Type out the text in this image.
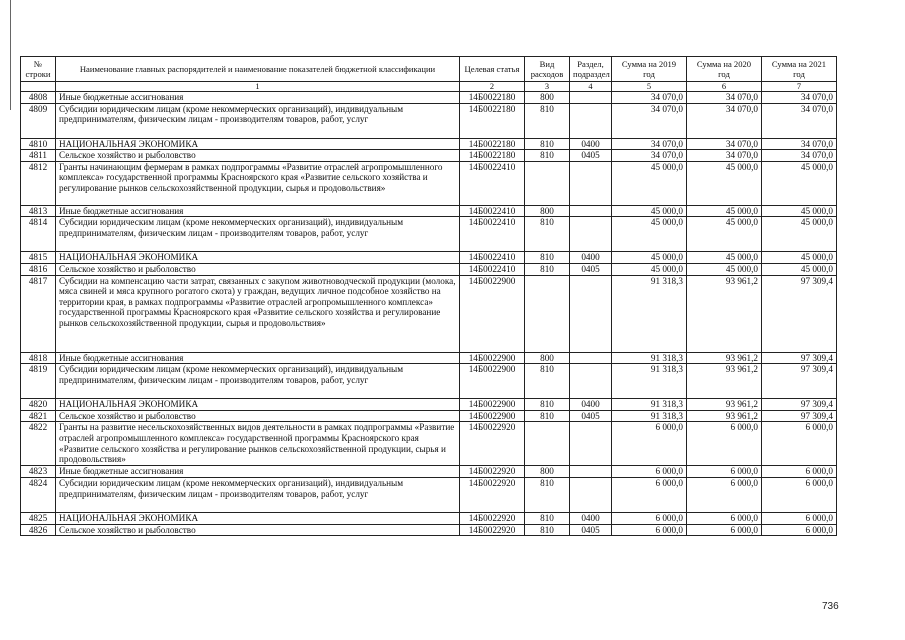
№ строки	Наименование главных распорядителей и наименование показателей бюджетной классификации	Целевая статья	Вид расходов	Раздел, подраздел	Сумма на 2019 год	Сумма на 2020 год	Сумма на 2021 год
	1	2	3	4	5	6	7
4808	Иные бюджетные ассигнования	14Б0022180	800		34 070,0	34 070,0	34 070,0
4809	Субсидии юридическим лицам (кроме некоммерческих организаций), индивидуальным предпринимателям, физическим лицам - производителям товаров, работ, услуг	14Б0022180	810		34 070,0	34 070,0	34 070,0
4810	НАЦИОНАЛЬНАЯ ЭКОНОМИКА	14Б0022180	810	0400	34 070,0	34 070,0	34 070,0
4811	Сельское хозяйство и рыболовство	14Б0022180	810	0405	34 070,0	34 070,0	34 070,0
4812	Гранты начинающим фермерам в рамках подпрограммы «Развитие отраслей агропромышленного комплекса» государственной программы Красноярского края «Развитие сельского хозяйства и регулирование рынков сельскохозяйственной продукции, сырья и продовольствия»	14Б0022410			45 000,0	45 000,0	45 000,0
4813	Иные бюджетные ассигнования	14Б0022410	800		45 000,0	45 000,0	45 000,0
4814	Субсидии юридическим лицам (кроме некоммерческих организаций), индивидуальным предпринимателям, физическим лицам - производителям товаров, работ, услуг	14Б0022410	810		45 000,0	45 000,0	45 000,0
4815	НАЦИОНАЛЬНАЯ ЭКОНОМИКА	14Б0022410	810	0400	45 000,0	45 000,0	45 000,0
4816	Сельское хозяйство и рыболовство	14Б0022410	810	0405	45 000,0	45 000,0	45 000,0
4817	Субсидии на компенсацию части затрат, связанных с закупом животноводческой продукции (молока, мяса свиней и мяса крупного рогатого скота) у граждан, ведущих личное подсобное хозяйство на территории края, в рамках подпрограммы «Развитие отраслей агропромышленного комплекса» государственной программы Красноярского края «Развитие сельского хозяйства и регулирование рынков сельскохозяйственной продукции, сырья и продовольствия»	14Б0022900			91 318,3	93 961,2	97 309,4
4818	Иные бюджетные ассигнования	14Б0022900	800		91 318,3	93 961,2	97 309,4
4819	Субсидии юридическим лицам (кроме некоммерческих организаций), индивидуальным предпринимателям, физическим лицам - производителям товаров, работ, услуг	14Б0022900	810		91 318,3	93 961,2	97 309,4
4820	НАЦИОНАЛЬНАЯ ЭКОНОМИКА	14Б0022900	810	0400	91 318,3	93 961,2	97 309,4
4821	Сельское хозяйство и рыболовство	14Б0022900	810	0405	91 318,3	93 961,2	97 309,4
4822	Гранты на развитие несельскохозяйственных видов деятельности в рамках подпрограммы «Развитие отраслей агропромышленного комплекса» государственной программы Красноярского края «Развитие сельского хозяйства и регулирование рынков сельскохозяйственной продукции, сырья и продовольствия»	14Б0022920			6 000,0	6 000,0	6 000,0
4823	Иные бюджетные ассигнования	14Б0022920	800		6 000,0	6 000,0	6 000,0
4824	Субсидии юридическим лицам (кроме некоммерческих организаций), индивидуальным предпринимателям, физическим лицам - производителям товаров, работ, услуг	14Б0022920	810		6 000,0	6 000,0	6 000,0
4825	НАЦИОНАЛЬНАЯ ЭКОНОМИКА	14Б0022920	810	0400	6 000,0	6 000,0	6 000,0
4826	Сельское хозяйство и рыболовство	14Б0022920	810	0405	6 000,0	6 000,0	6 000,0
736
